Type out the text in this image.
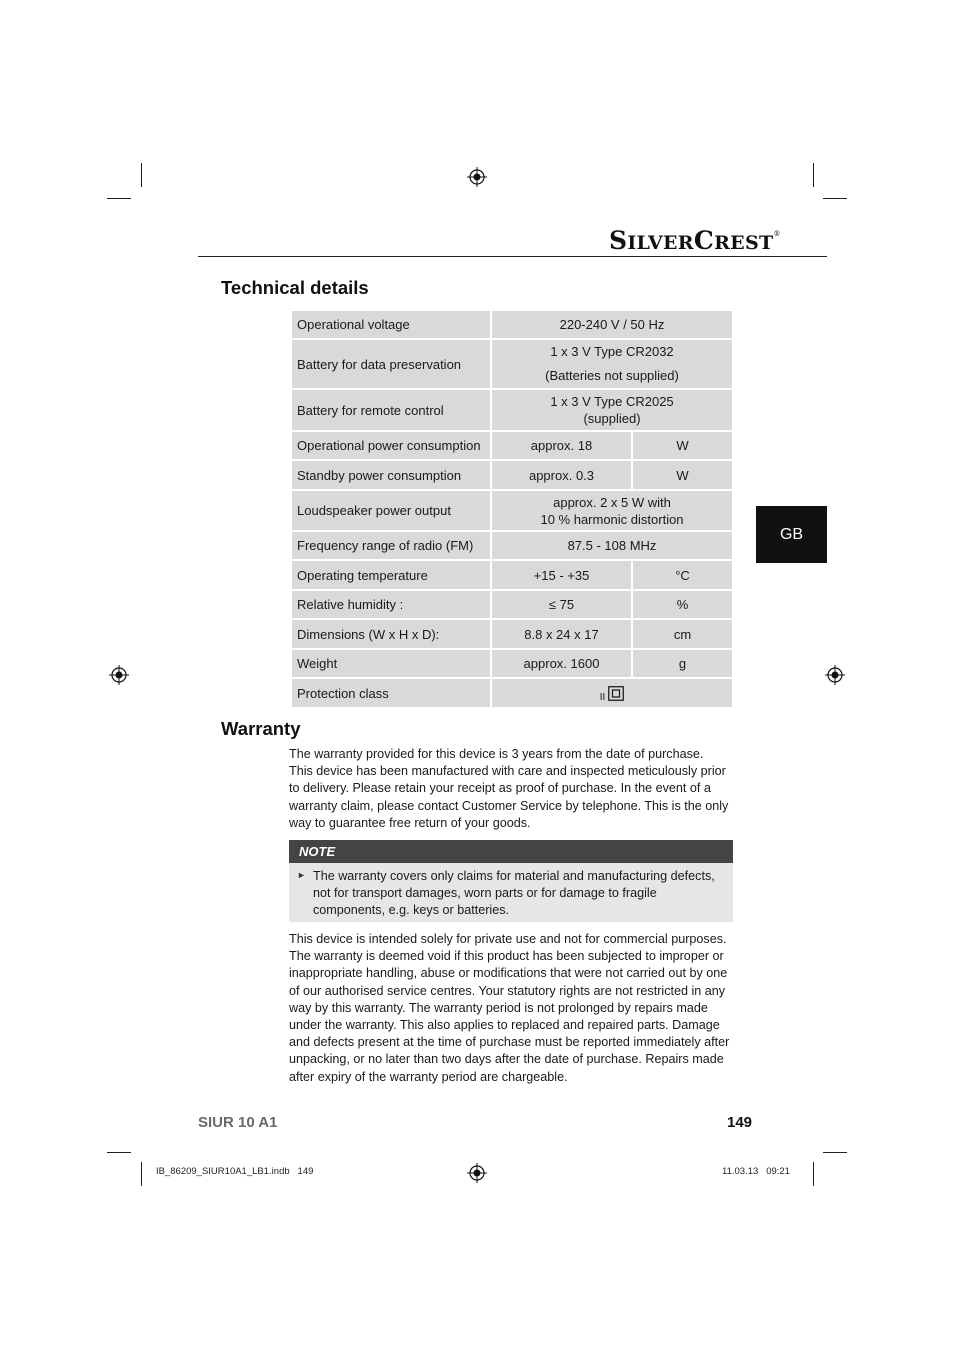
SILVERCREST®
Technical details
Operational voltage	220-240 V / 50 Hz	
Battery for data preservation	1 x 3 V Type CR2032
(Batteries not supplied)	

Battery for remote control	1 x 3 V Type CR2025
(supplied)	

Operational power consumption	approx. 18	W
Standby power consumption	approx. 0.3	W
Loudspeaker power output	approx. 2 x 5 W with
10 % harmonic distortion	

Frequency range of radio (FM)	87.5 - 108 MHz	
Operating temperature	+15 - +35	°C
Relative humidity :	≤ 75	%
Dimensions (W x H x D):	8.8 x 24 x 17	cm
Weight	approx. 1600	g
Protection class	$_{II}$
GB
Warranty

The warranty provided for this device is 3 years from the date of purchase. This device has been manufactured with care and inspected meticulously prior to delivery. Please retain your receipt as proof of purchase. In the event of a warranty claim, please contact Customer Service by telephone. This is the only way to guarantee free return of your goods.

NOTE
► The warranty covers only claims for material and manufacturing defects, not for transport damages, worn parts or for damage to fragile components, e.g. keys or batteries.

This device is intended solely for private use and not for commercial purposes. The warranty is deemed void if this product has been subjected to improper or inappropriate handling, abuse or modifications that were not carried out by one of our authorised service centres. Your statutory rights are not restricted in any way by this warranty. The warranty period is not prolonged by repairs made under the warranty. This also applies to replaced and repaired parts. Damage and defects present at the time of purchase must be reported immediately after unpacking, or no later than two days after the date of purchase. Repairs made after expiry of the warranty period are chargeable.

SIUR 10 A1	149
IB_86209_SIUR10A1_LB1.indb   149	11.03.13   09:21
